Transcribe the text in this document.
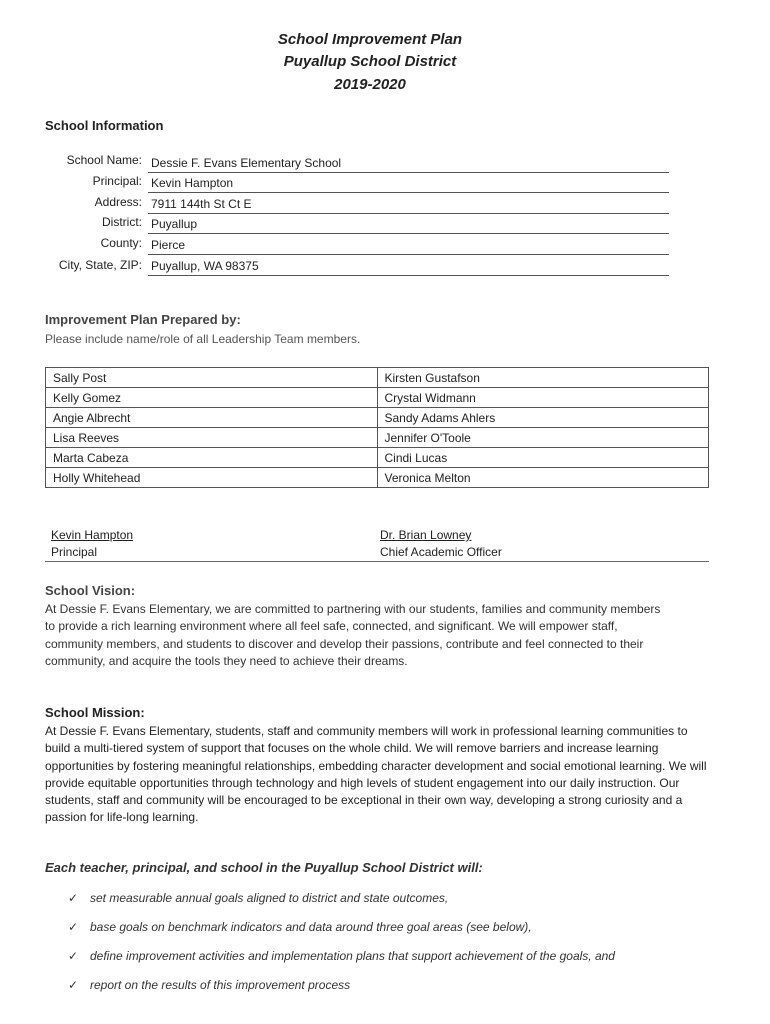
School Improvement Plan
Puyallup School District
2019-2020
School Information
School Name: Dessie F. Evans Elementary School
Principal: Kevin Hampton
Address: 7911 144th St Ct E
District: Puyallup
County: Pierce
City, State, ZIP: Puyallup, WA 98375
Improvement Plan Prepared by:
Please include name/role of all Leadership Team members.
Sally Post	Kirsten Gustafson
Kelly Gomez	Crystal Widmann
Angie Albrecht	Sandy Adams Ahlers
Lisa Reeves	Jennifer O'Toole
Marta Cabeza	Cindi Lucas
Holly Whitehead	Veronica Melton
Kevin Hampton
Principal
Dr. Brian Lowney
Chief Academic Officer
School Vision:
At Dessie F. Evans Elementary, we are committed to partnering with our students, families and community members to provide a rich learning environment where all feel safe, connected, and significant. We will empower staff, community members, and students to discover and develop their passions, contribute and feel connected to their community, and acquire the tools they need to achieve their dreams.
School Mission:
At Dessie F. Evans Elementary, students, staff and community members will work in professional learning communities to build a multi-tiered system of support that focuses on the whole child. We will remove barriers and increase learning opportunities by fostering meaningful relationships, embedding character development and social emotional learning. We will provide equitable opportunities through technology and high levels of student engagement into our daily instruction. Our students, staff and community will be encouraged to be exceptional in their own way, developing a strong curiosity and a passion for life-long learning.
Each teacher, principal, and school in the Puyallup School District will:
✓ set measurable annual goals aligned to district and state outcomes,
✓ base goals on benchmark indicators and data around three goal areas (see below),
✓ define improvement activities and implementation plans that support achievement of the goals, and
✓ report on the results of this improvement process
